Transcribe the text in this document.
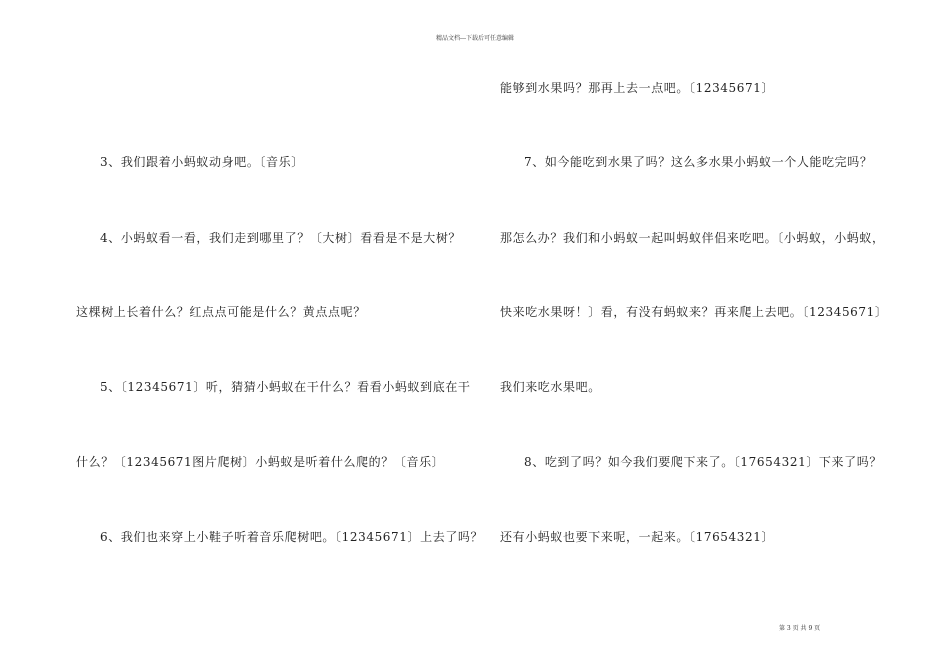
精品文档---下载后可任意编辑
3、我们跟着小蚂蚁动身吧。〔音乐〕
4、小蚂蚁看一看，我们走到哪里了？〔大树〕看看是不是大树？
这棵树上长着什么？红点点可能是什么？黄点点呢？
5、〔12345671〕听，猜猜小蚂蚁在干什么？看看小蚂蚁到底在干
什么？〔12345671图片爬树〕小蚂蚁是听着什么爬的？〔音乐〕
6、我们也来穿上小鞋子听着音乐爬树吧。〔12345671〕上去了吗？
能够到水果吗？那再上去一点吧。〔12345671〕
7、如今能吃到水果了吗？这么多水果小蚂蚁一个人能吃完吗？
那怎么办？我们和小蚂蚁一起叫蚂蚁伴侣来吃吧。〔小蚂蚁，小蚂蚁，
快来吃水果呀！〕看，有没有蚂蚁来？再来爬上去吧。〔12345671〕
我们来吃水果吧。
8、吃到了吗？如今我们要爬下来了。〔17654321〕下来了吗？
还有小蚂蚁也要下来呢，一起来。〔17654321〕
第 3 页 共 9 页
